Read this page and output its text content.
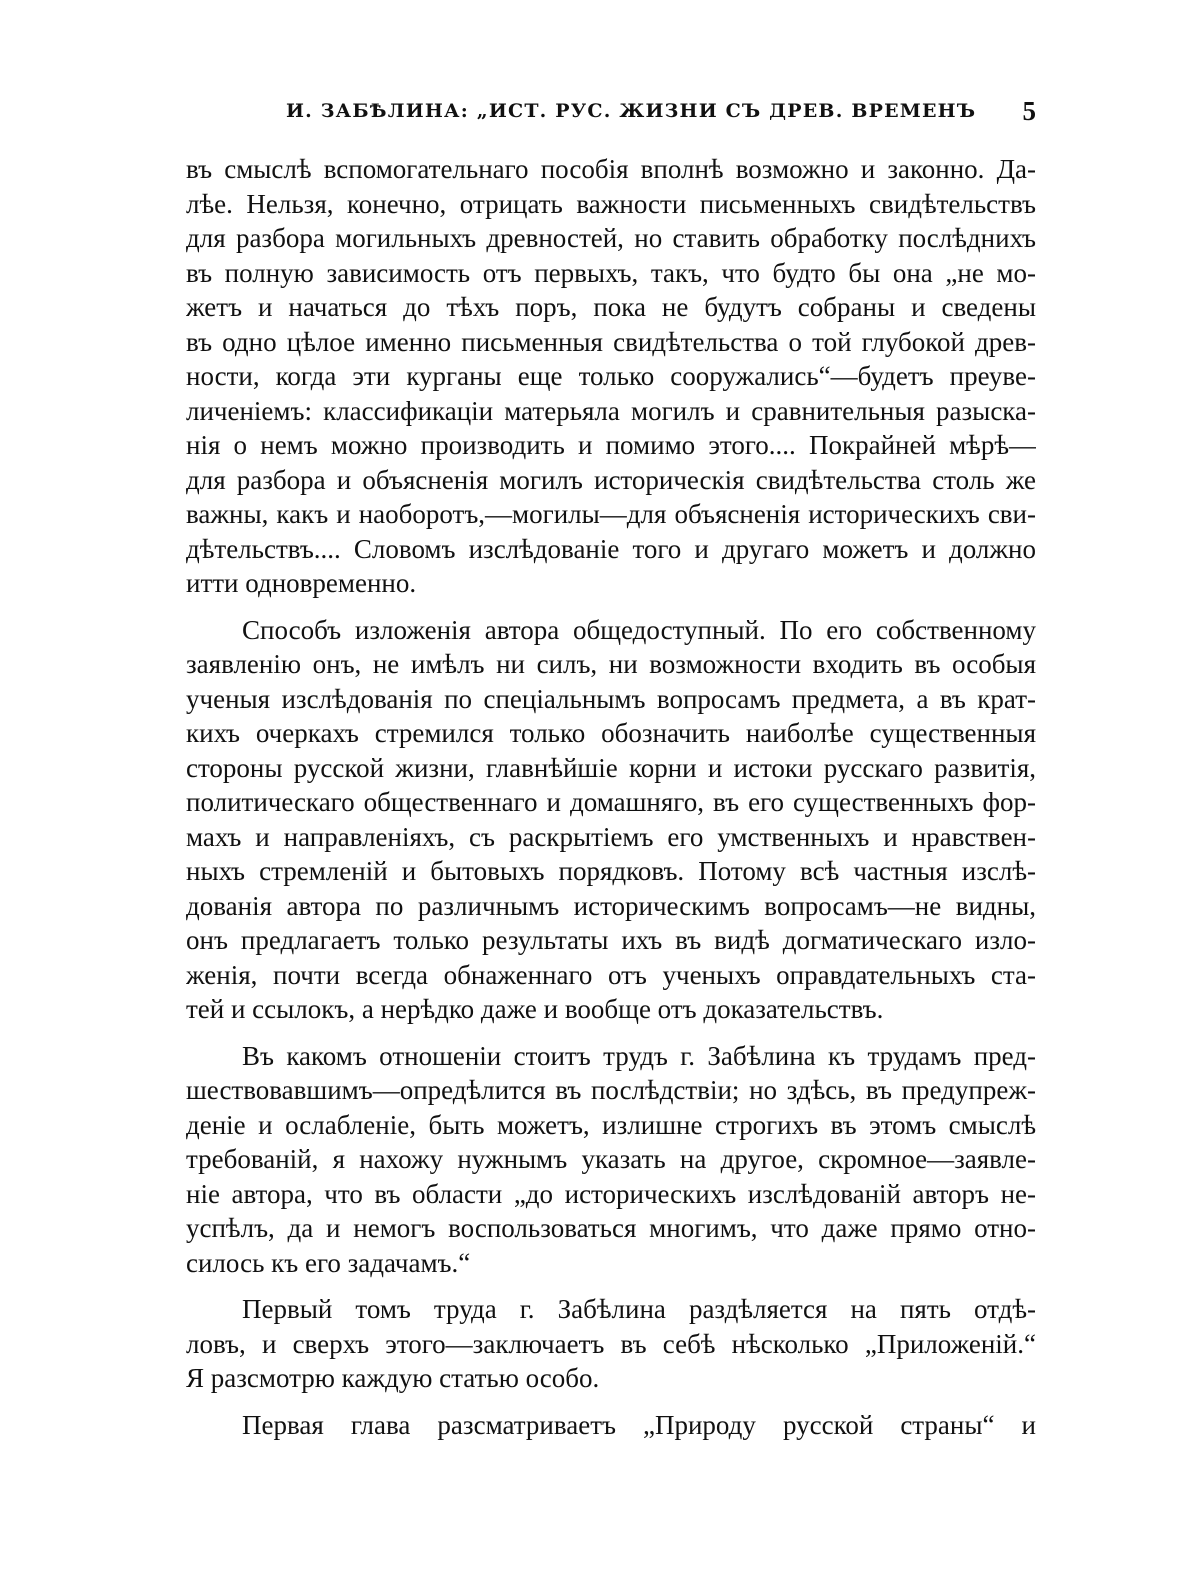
И. ЗАБѢЛИНА: „ИСТ. РУС. ЖИЗНИ СЪ ДРЕВ. ВРЕМЕНЪ 5
въ смыслѣ вспомогательнаго пособія вполнѣ возможно и законно. Да-
лѣе. Нельзя, конечно, отрицать важности письменныхъ свидѣтельствъ
для разбора могильныхъ древностей, но ставить обработку послѣднихъ
въ полную зависимость отъ первыхъ, такъ, что будто бы она „не мо-
жетъ и начаться до тѣхъ поръ, пока не будутъ собраны и сведены
въ одно цѣлое именно письменныя свидѣтельства о той глубокой древ-
ности, когда эти курганы еще только сооружались“—будетъ преуве-
личеніемъ: классификаціи матерьяла могилъ и сравнительныя разыска-
нія о немъ можно производить и помимо этого.... Покрайней мѣрѣ—
для разбора и объясненія могилъ историческія свидѣтельства столь же
важны, какъ и наоборотъ,—могилы—для объясненія историческихъ сви-
дѣтельствъ.... Словомъ изслѣдованіе того и другаго можетъ и должно
итти одновременно.
Способъ изложенія автора общедоступный. По его собственному
заявленію онъ, не имѣлъ ни силъ, ни возможности входить въ особыя
ученыя изслѣдованія по спеціальнымъ вопросамъ предмета, а въ крат-
кихъ очеркахъ стремился только обозначить наиболѣе существенныя
стороны русской жизни, главнѣйшіе корни и истоки русскаго развитія,
политическаго общественнаго и домашняго, въ его существенныхъ фор-
махъ и направленіяхъ, съ раскрытіемъ его умственныхъ и нравствен-
ныхъ стремленій и бытовыхъ порядковъ. Потому всѣ частныя изслѣ-
дованія автора по различнымъ историческимъ вопросамъ—не видны,
онъ предлагаетъ только результаты ихъ въ видѣ догматическаго изло-
женія, почти всегда обнаженнаго отъ ученыхъ оправдательныхъ ста-
тей и ссылокъ, а нерѣдко даже и вообще отъ доказательствъ.
Въ какомъ отношеніи стоитъ трудъ г. Забѣлина къ трудамъ пред-
шествовавшимъ—опредѣлится въ послѣдствіи; но здѣсь, въ предупреж-
деніе и ослабленіе, быть можетъ, излишне строгихъ въ этомъ смыслѣ
требованій, я нахожу нужнымъ указать на другое, скромное—заявле-
ніе автора, что въ области „до историческихъ изслѣдованій авторъ не-
успѣлъ, да и немогъ воспользоваться многимъ, что даже прямо отно-
силось къ его задачамъ.“
Первый томъ труда г. Забѣлина раздѣляется на пять отдѣ-
ловъ, и сверхъ этого—заключаетъ въ себѣ нѣсколько „Приложеній.“
Я разсмотрю каждую статью особо.
Первая глава разсматриваетъ „Природу русской страны“ и
